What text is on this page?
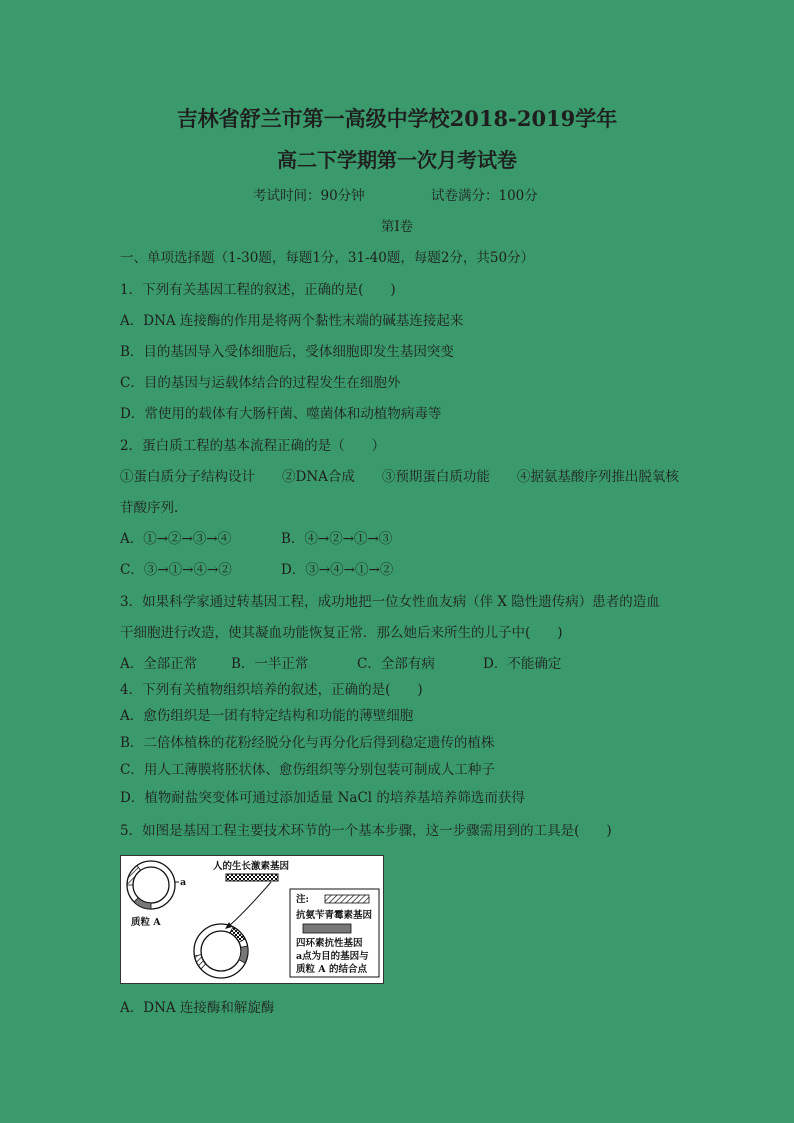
吉林省舒兰市第一高级中学校2018-2019学年
高二下学期第一次月考试卷
考试时间：90分钟	试卷满分：100分
第I卷
一、单项选择题（1-30题，每题1分，31-40题，每题2分，共50分）
1．下列有关基因工程的叙述，正确的是(　　)
A．DNA 连接酶的作用是将两个黏性末端的碱基连接起来
B．目的基因导入受体细胞后，受体细胞即发生基因突变
C．目的基因与运载体结合的过程发生在细胞外
D．常使用的载体有大肠杆菌、噬菌体和动植物病毒等
2．蛋白质工程的基本流程正确的是（　　）
①蛋白质分子结构设计　　②DNA合成　　③预期蛋白质功能　　④据氨基酸序列推出脱氧核
苷酸序列．
A．①→②→③→④	B．④→②→①→③
C．③→①→④→②	D．③→④→①→②
3．如果科学家通过转基因工程，成功地把一位女性血友病（伴 X 隐性遗传病）患者的造血
干细胞进行改造，使其凝血功能恢复正常．那么她后来所生的儿子中(　　)
A．全部正常	B．一半正常	C．全部有病	D．不能确定
4．下列有关植物组织培养的叙述，正确的是(　　)
A．愈伤组织是一团有特定结构和功能的薄壁细胞
B．二倍体植株的花粉经脱分化与再分化后得到稳定遗传的植株
C．用人工薄膜将胚状体、愈伤组织等分别包装可制成人工种子
D．植物耐盐突变体可通过添加适量 NaCl 的培养基培养筛选而获得
5．如图是基因工程主要技术环节的一个基本步骤，这一步骤需用到的工具是(　　)
a
质粒 A
人的生长激素基因
注:
抗氨苄青霉素基因
四环素抗性基因
a点为目的基因与
质粒 A 的结合点
A．DNA 连接酶和解旋酶
